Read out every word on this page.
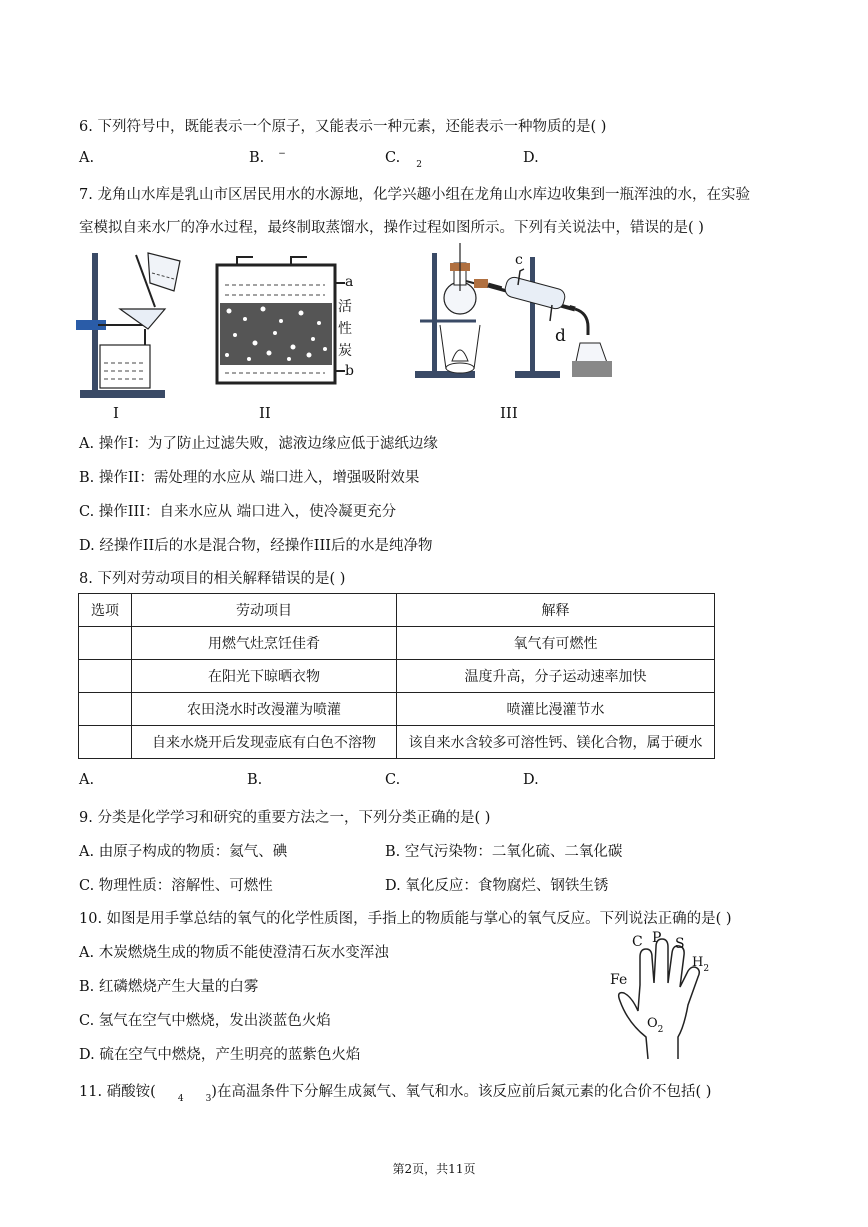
6. 下列符号中，既能表示一个原子，又能表示一种元素，还能表示一种物质的是( )
A.	B. −	C. $_2$	D.
7. 龙角山水库是乳山市区居民用水的水源地，化学兴趣小组在龙角山水库边收集到一瓶浑浊的水，在实验
室模拟自来水厂的净水过程，最终制取蒸馏水，操作过程如图所示。下列有关说法中，错误的是( )
I
a
活
性
炭
b
II
c
d
III
A. 操作I：为了防止过滤失败，滤液边缘应低于滤纸边缘
B. 操作II：需处理的水应从 端口进入，增强吸附效果
C. 操作III：自来水应从 端口进入，使冷凝更充分
D. 经操作II后的水是混合物，经操作III后的水是纯净物
8. 下列对劳动项目的相关解释错误的是( )
选项	劳动项目	解释
	用燃气灶烹饪佳肴	氧气有可燃性
	在阳光下晾晒衣物	温度升高，分子运动速率加快
	农田浇水时改漫灌为喷灌	喷灌比漫灌节水
	自来水烧开后发现壶底有白色不溶物	该自来水含较多可溶性钙、镁化合物，属于硬水
A.	B.	C.	D.
9. 分类是化学学习和研究的重要方法之一，下列分类正确的是( )
A. 由原子构成的物质：氦气、碘	B. 空气污染物：二氧化硫、二氧化碳
C. 物理性质：溶解性、可燃性	D. 氧化反应：食物腐烂、钢铁生锈
10. 如图是用手掌总结的氧气的化学性质图，手指上的物质能与掌心的氧气反应。下列说法正确的是( )
A. 木炭燃烧生成的物质不能使澄清石灰水变浑浊
B. 红磷燃烧产生大量的白雾
C. 氢气在空气中燃烧，发出淡蓝色火焰
D. 硫在空气中燃烧，产生明亮的蓝紫色火焰
Fe
C P S
$H_2$
$O_2$
11. 硝酸铵( $_4$ $_3$)在高温条件下分解生成氮气、氧气和水。该反应前后氮元素的化合价不包括( )
第2页，共11页
